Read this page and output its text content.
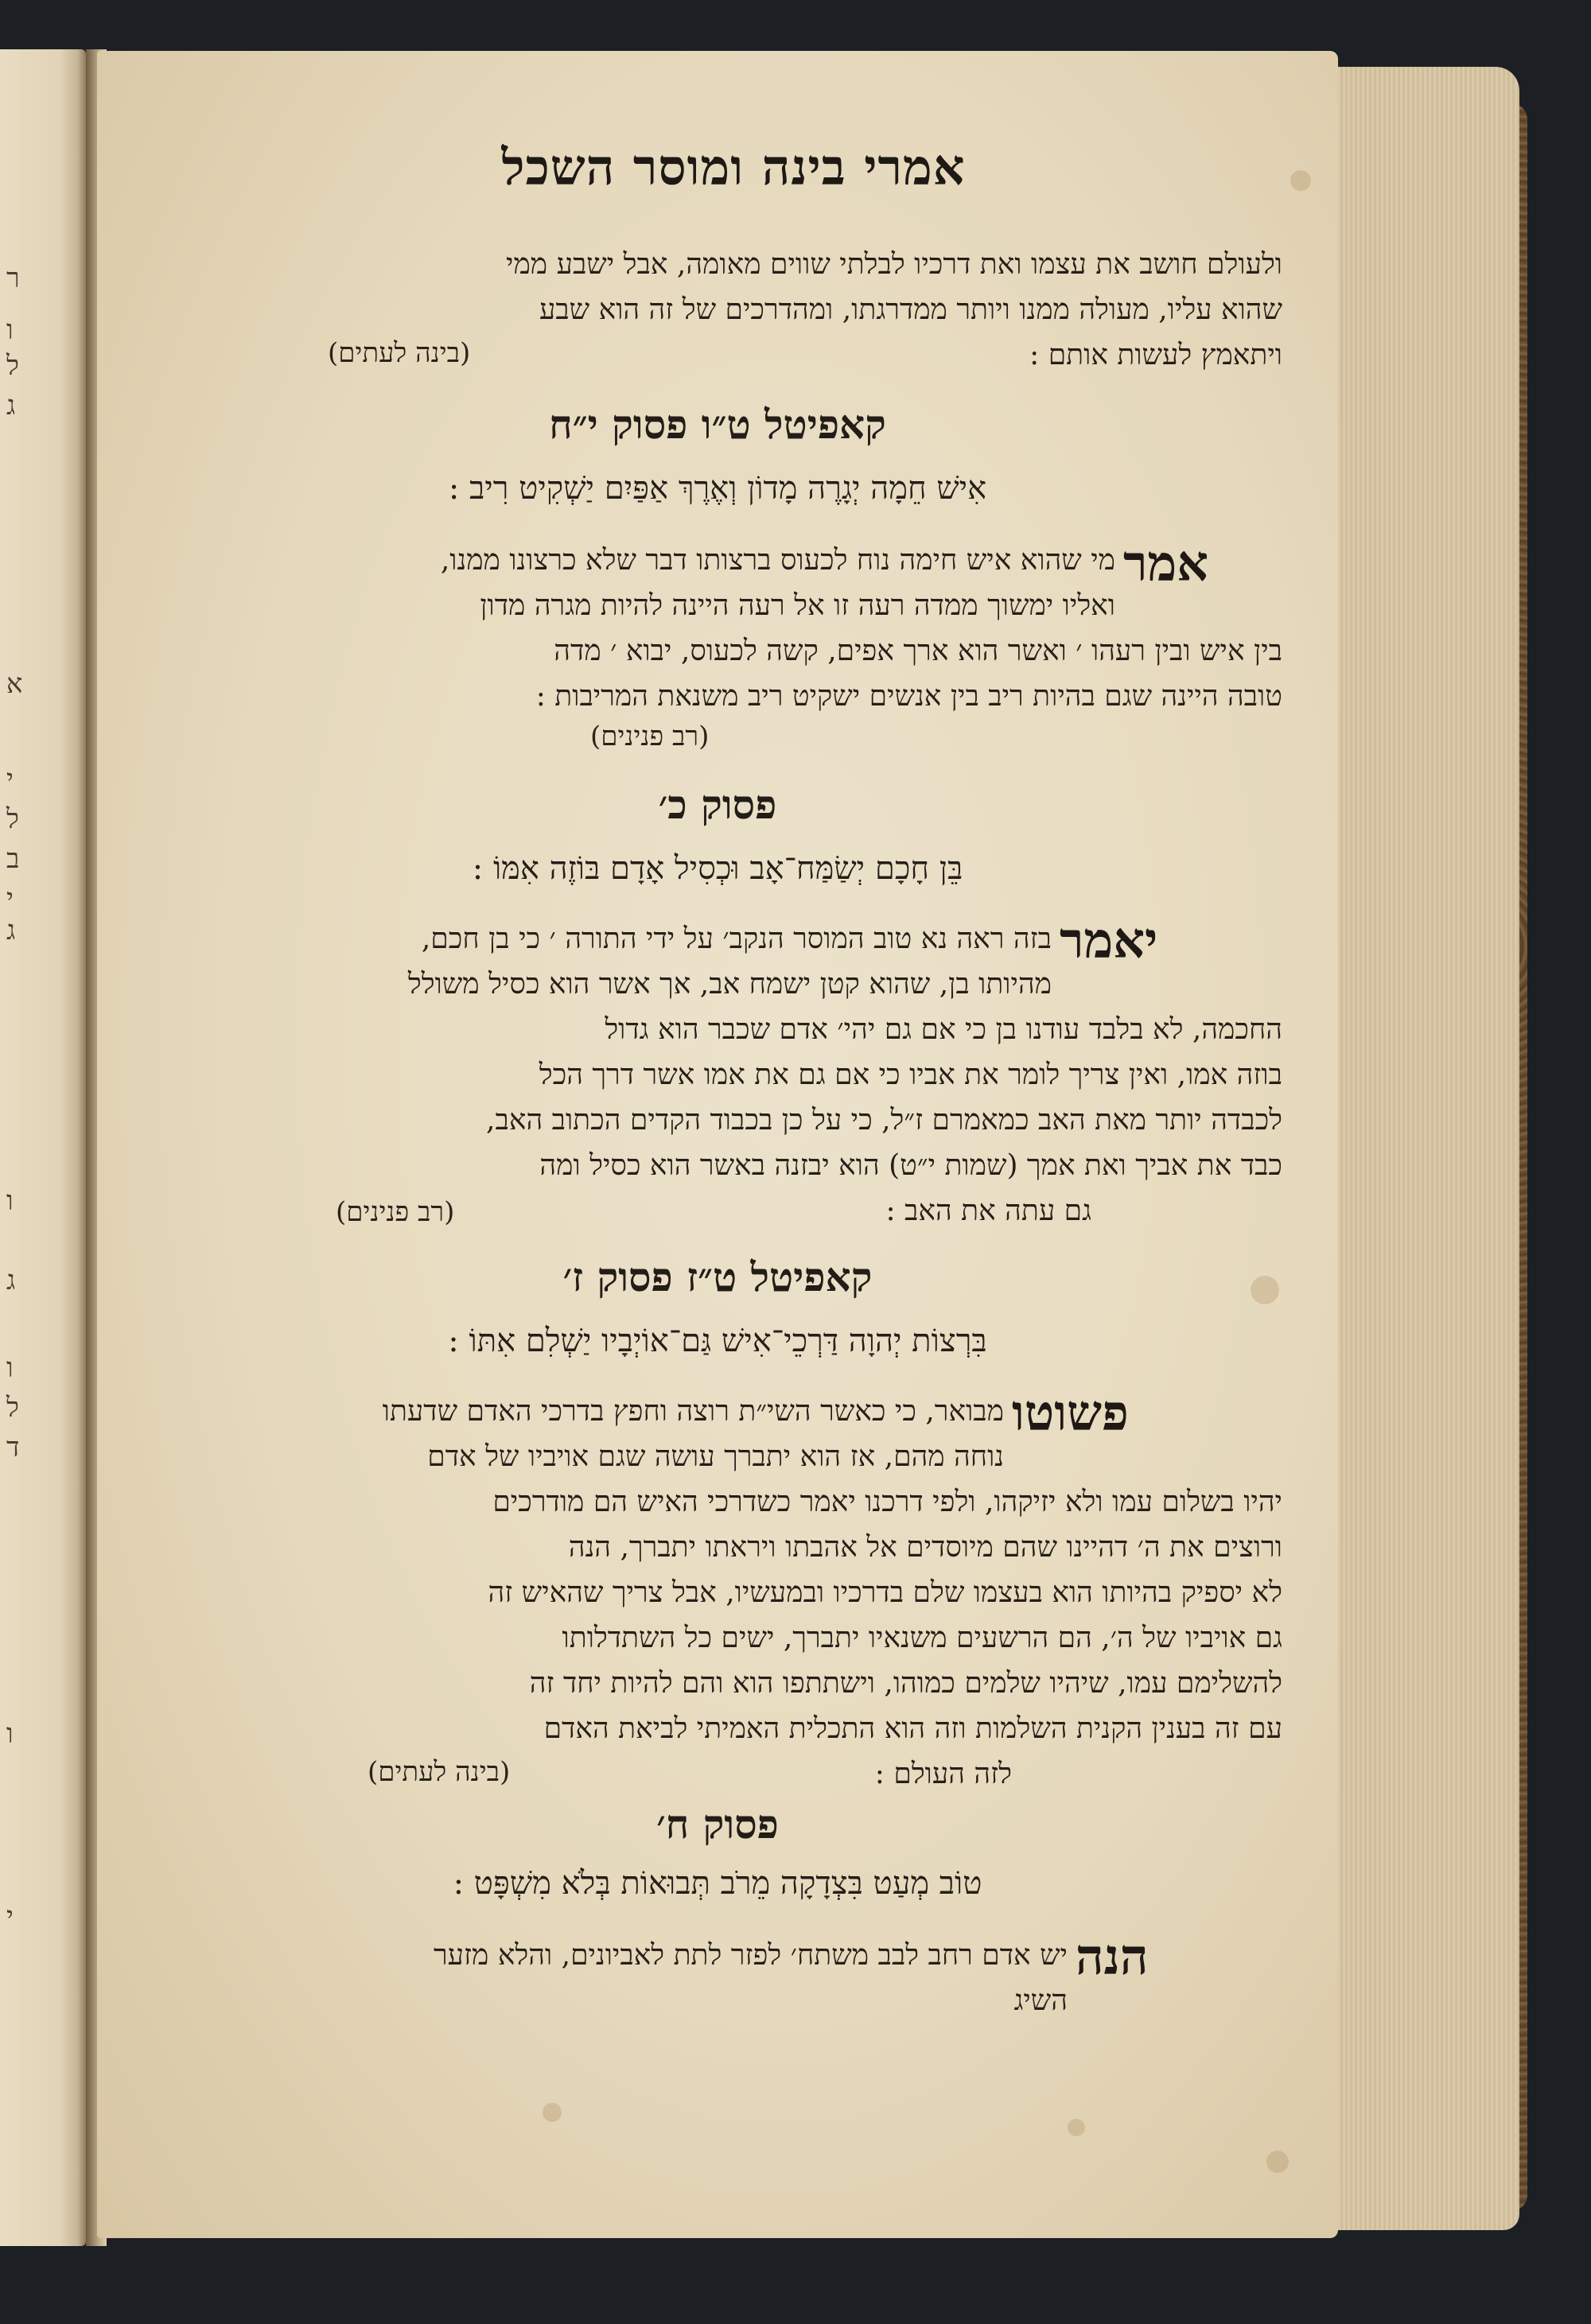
אמרי בינה ומוסר השכל
ולעולם חושב את עצמו ואת דרכיו לבלתי שווים מאומה, אבל ישבע ממי
שהוא עליו, מעולה ממנו ויותר ממדרגתו, ומהדרכים של זה הוא שבע
ויתאמץ לעשות אותם :
(בינה לעתים)
קאפיטל ט״ו פסוק י״ח
אִישׁ חֵמָה יְגָרֶה מָדוֹן וְאֶרֶךְ אַפַּיִם יַשְׁקִיט רִיב :
אמר
מי שהוא איש חימה נוח לכעוס ברצותו דבר שלא כרצונו ממנו,
ואליו ימשוך ממדה רעה זו אל רעה היינה להיות מגרה מדון
בין איש ובין רעהו ׳ ואשר הוא ארך אפים, קשה לכעוס, יבוא ׳ מדה
טובה היינה שגם בהיות ריב בין אנשים ישקיט ריב משנאת המריבות :
(רב פנינים)
פסוק כ׳
בֵּן חָכָם יְשַׂמַּח־אָב וּכְסִיל אָדָם בּוֹזֶה אִמּוֹ :
יאמר
בזה ראה נא טוב המוסר הנקב׳ על ידי התורה ׳ כי בן חכם,
מהיותו בן, שהוא קטן ישמח אב, אך אשר הוא כסיל משולל
החכמה, לא בלבד עודנו בן כי אם גם יהי׳ אדם שכבר הוא גדול
בוזה אמו, ואין צריך לומר את אביו כי אם גם את אמו אשר דרך הכל
לכבדה יותר מאת האב כמאמרם ז״ל, כי על כן בכבוד הקדים הכתוב האב,
כבד את אביך ואת אמך (שמות י״ט) הוא יבזנה באשר הוא כסיל ומה
גם עתה את האב :
(רב פנינים)
קאפיטל ט״ז פסוק ז׳
בִּרְצוֹת יְהוָה דַּרְכֵי־אִישׁ גַּם־אוֹיְבָיו יַשְׁלִם אִתּוֹ :
פשוטו
מבואר, כי כאשר השי״ת רוצה וחפץ בדרכי האדם שדעתו
נוחה מהם, אז הוא יתברך עושה שגם אויביו של אדם
יהיו בשלום עמו ולא יזיקהו, ולפי דרכנו יאמר כשדרכי האיש הם מודרכים
ורוצים את ה׳ דהיינו שהם מיוסדים אל אהבתו ויראתו יתברך, הנה
לא יספיק בהיותו הוא בעצמו שלם בדרכיו ובמעשיו, אבל צריך שהאיש זה
גם אויביו של ה׳, הם הרשעים משנאיו יתברך, ישים כל השתדלותו
להשלימם עמו, שיהיו שלמים כמוהו, וישתתפו הוא והם להיות יחד זה
עם זה בענין הקנית השלמות וזה הוא התכלית האמיתי לביאת האדם
לזה העולם :
(בינה לעתים)
פסוק ח׳
טוֹב מְעַט בִּצְדָקָה מֵרֹב תְּבוּאוֹת בְּלֹא מִשְׁפָּט :
הנה
יש אדם רחב לבב משתח׳ לפזר לתת לאביונים, והלא מזער
השיג
ר
ו
ל
ג
א
י
ל
ב
י
ג
ו
ג
ו
ל
ד
ו
י
